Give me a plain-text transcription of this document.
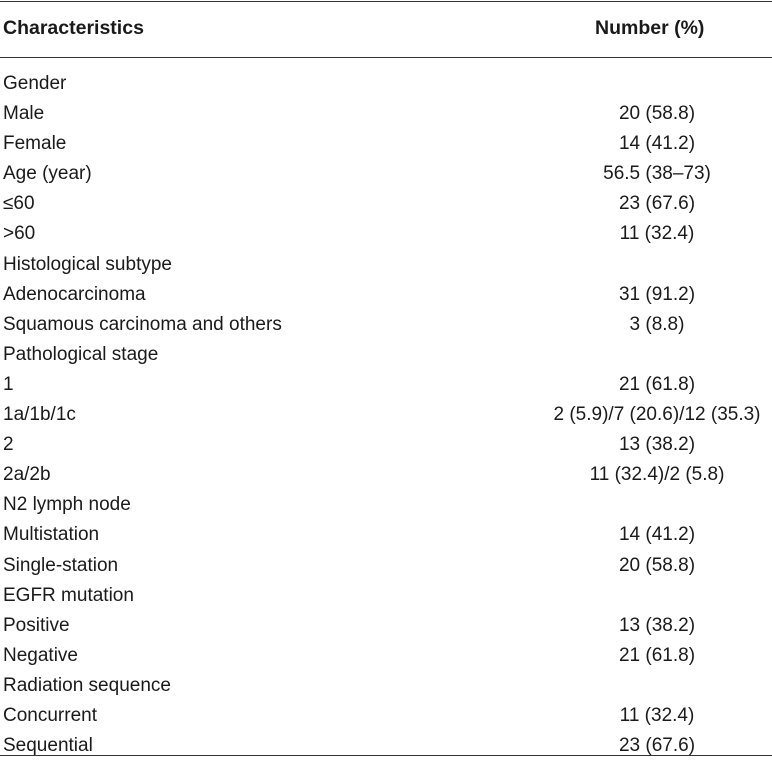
Characteristics	Number (%)
Gender
Male	20 (58.8)
Female	14 (41.2)
Age (year)	56.5 (38–73)
≤60	23 (67.6)
>60	11 (32.4)
Histological subtype
Adenocarcinoma	31 (91.2)
Squamous carcinoma and others	3 (8.8)
Pathological stage
1	21 (61.8)
1a/1b/1c	2 (5.9)/7 (20.6)/12 (35.3)
2	13 (38.2)
2a/2b	11 (32.4)/2 (5.8)
N2 lymph node
Multistation	14 (41.2)
Single-station	20 (58.8)
EGFR mutation
Positive	13 (38.2)
Negative	21 (61.8)
Radiation sequence
Concurrent	11 (32.4)
Sequential	23 (67.6)
